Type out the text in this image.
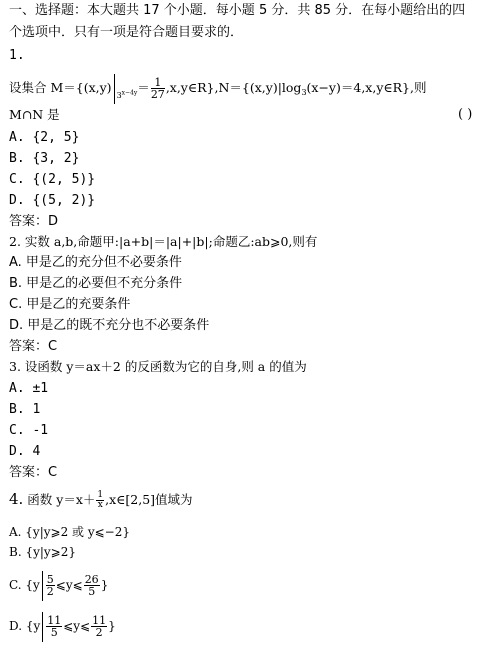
一、选择题：本大题共 17 个小题．每小题 5 分．共 85 分．在每小题给出的四
个选项中．只有一项是符合题目要求的．
1.
设集合 $M=\{(x,y)_{3^{x-4y}}= \frac{1}{27}$ $,x,y\in R\},N=\{(x,y)|\log_3(x-y)=4,x,y\in R\}$,则
M∩N 是	( )
A. {2, 5}
B. {3, 2}
C. {(2, 5)}
D. {(5, 2)}
答案：D
2. 实数 a,b,命题甲:|a+b|＝|a|+|b|;命题乙:ab⩾0,则有
A. 甲是乙的充分但不必要条件
B. 甲是乙的必要但不充分条件
C. 甲是乙的充要条件
D. 甲是乙的既不充分也不必要条件
答案：C
3. 设函数 y＝ax＋2 的反函数为它的自身,则 a 的值为
A. ±1
B. 1
C. -1
D. 4
答案：C
4. 函数 $y=x+ \frac{1}{x}$ ,x∈[2,5]值域为
A. {y|y⩾2 或 y⩽−2}
B. {y|y⩾2}
C. {$y \frac{5}{2}$ ⩽y⩽ $\frac{26}{5}$ }
D. {$y \frac{11}{5}$ ⩽y⩽ $\frac{11}{2}$ }
